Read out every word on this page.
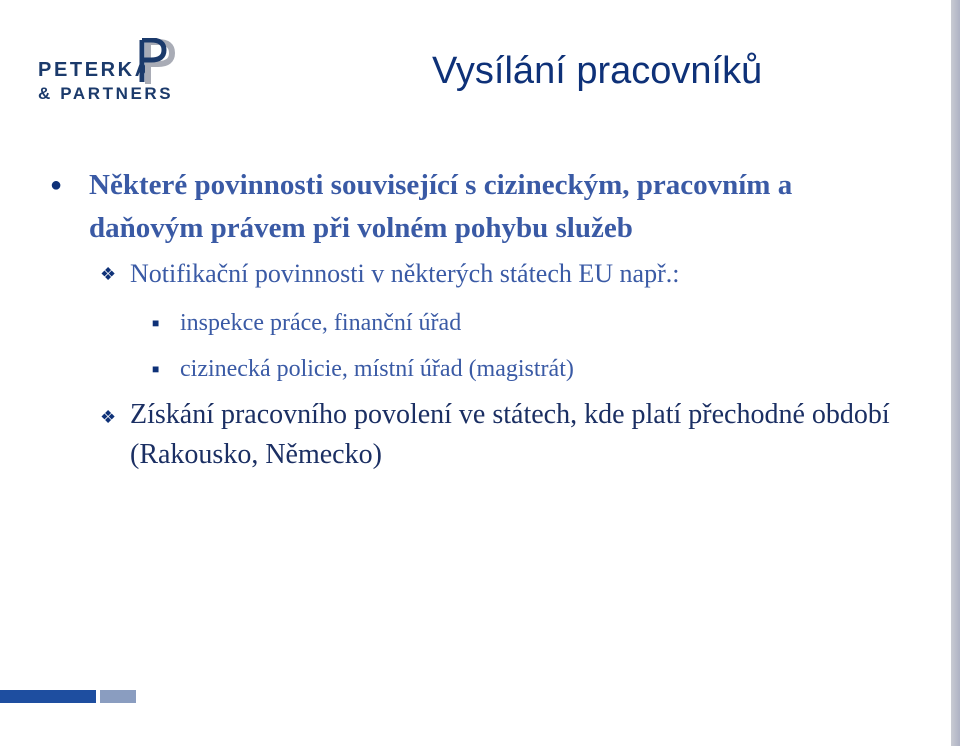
PETERKA
& PARTNERS
Vysílání pracovníků
● Některé povinnosti související s cizineckým, pracovním a daňovým právem při volném pohybu služeb
❖ Notifikační povinnosti v některých státech EU např.:
■ inspekce práce, finanční úřad
■ cizinecká policie, místní úřad (magistrát)
❖ Získání pracovního povolení ve státech, kde platí přechodné období (Rakousko, Německo)
